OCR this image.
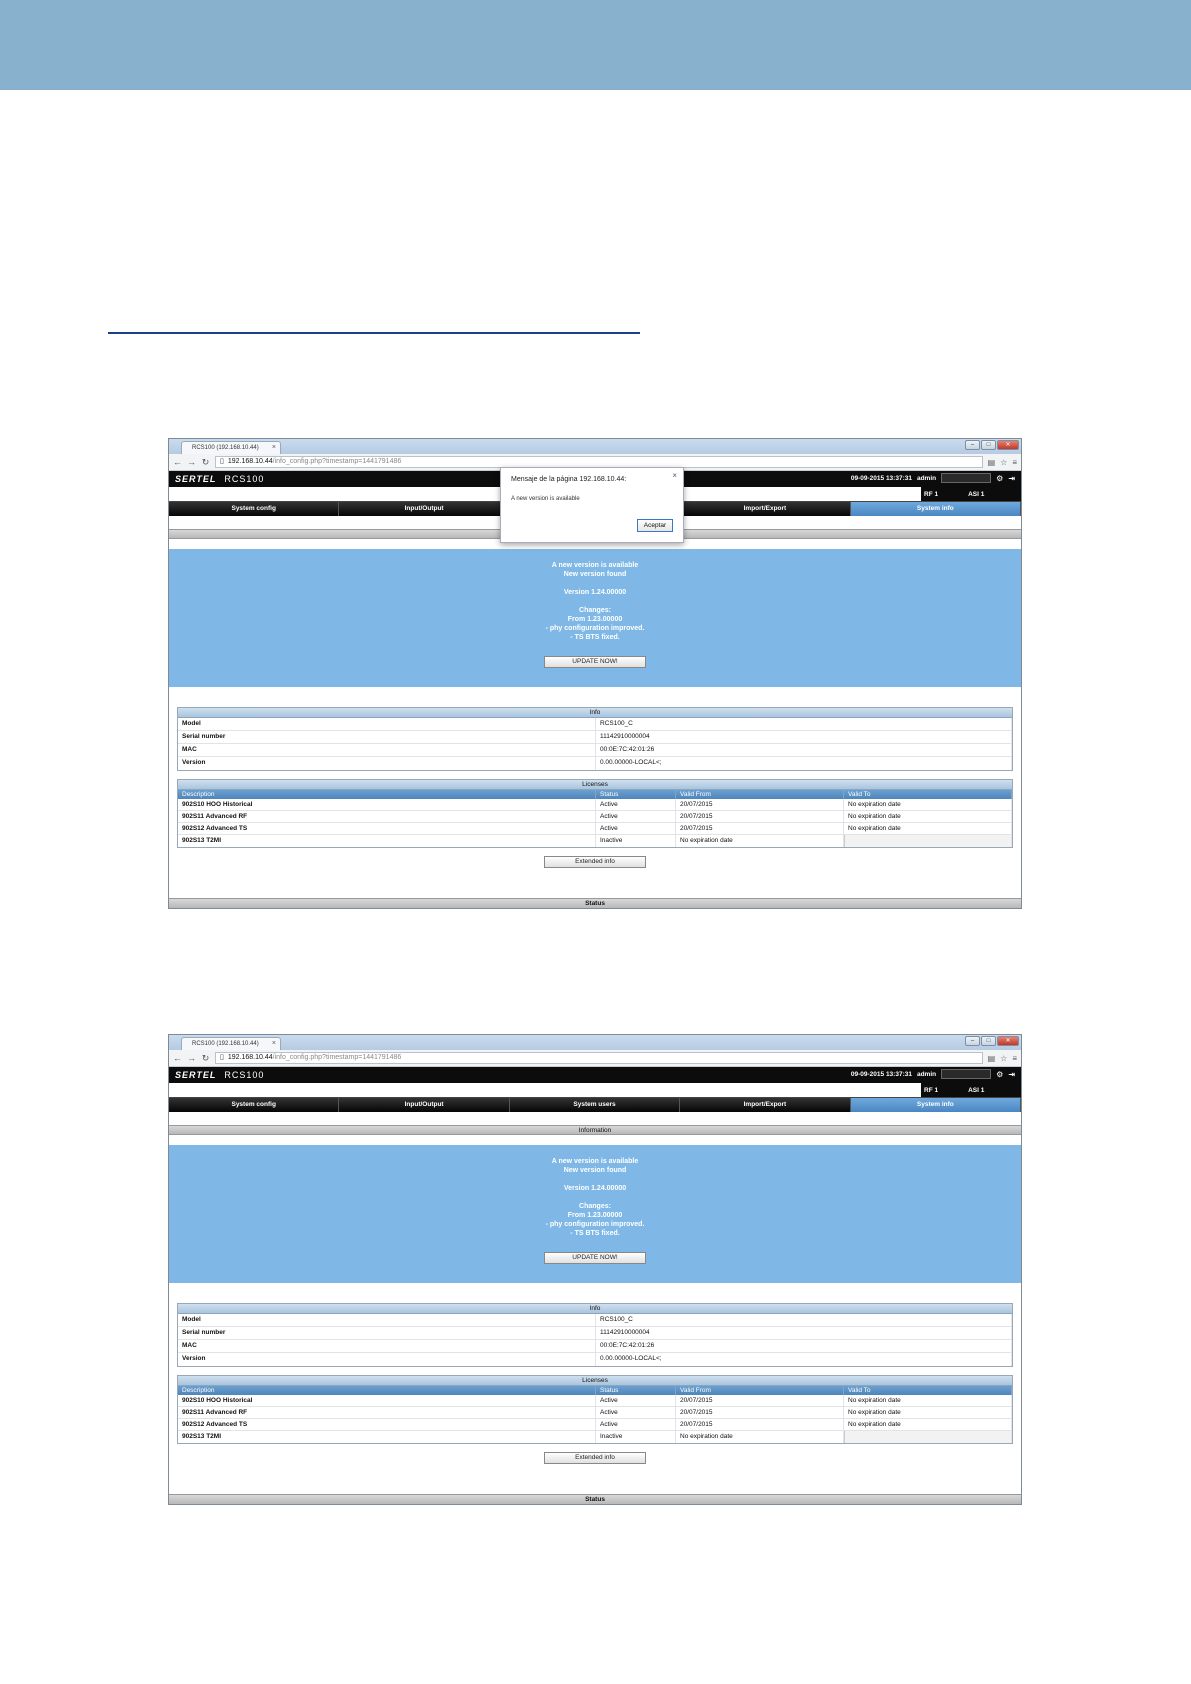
RCS100 (192.168.10.44) ×	–	□	✕
← → ↻ ▯ 192.168.10.44/info_config.php?timestamp=1441791486	▤ ☆ ≡
SERTEL RCS100	09-09-2015 13:37:31 admin	⚙ ⇥
RF 1	ASI 1
System config	Input/Output	Import/Export	System info
A new version is available
New version found
Version 1.24.00000
Changes:
From 1.23.00000
- phy configuration improved.
- TS BTS fixed.
UPDATE NOW!
Info
Model	RCS100_C
Serial number	11142910000004
MAC	00:0E:7C:42:01:26
Version	0.00.00000-LOCAL<;
Licenses
Description	Status	Valid From	Valid To
902S10 HOO Historical	Active	20/07/2015	No expiration date
902S11 Advanced RF	Active	20/07/2015	No expiration date
902S12 Advanced TS	Active	20/07/2015	No expiration date
902S13 T2MI	Inactive	No expiration date
Extended info
Status
Mensaje de la página 192.168.10.44:	×
A new version is available
Aceptar
RCS100 (192.168.10.44) ×	–	□	✕
← → ↻ ▯ 192.168.10.44/info_config.php?timestamp=1441791486	▤ ☆ ≡
SERTEL RCS100	09-09-2015 13:37:31 admin	⚙ ⇥
RF 1	ASI 1
System config	Input/Output	System users	Import/Export	System info
Information
A new version is available
New version found
Version 1.24.00000
Changes:
From 1.23.00000
- phy configuration improved.
- TS BTS fixed.
UPDATE NOW!
Info
Model	RCS100_C
Serial number	11142910000004
MAC	00:0E:7C:42:01:26
Version	0.00.00000-LOCAL<;
Licenses
Description	Status	Valid From	Valid To
902S10 HOO Historical	Active	20/07/2015	No expiration date
902S11 Advanced RF	Active	20/07/2015	No expiration date
902S12 Advanced TS	Active	20/07/2015	No expiration date
902S13 T2MI	Inactive	No expiration date
Extended info
Status
